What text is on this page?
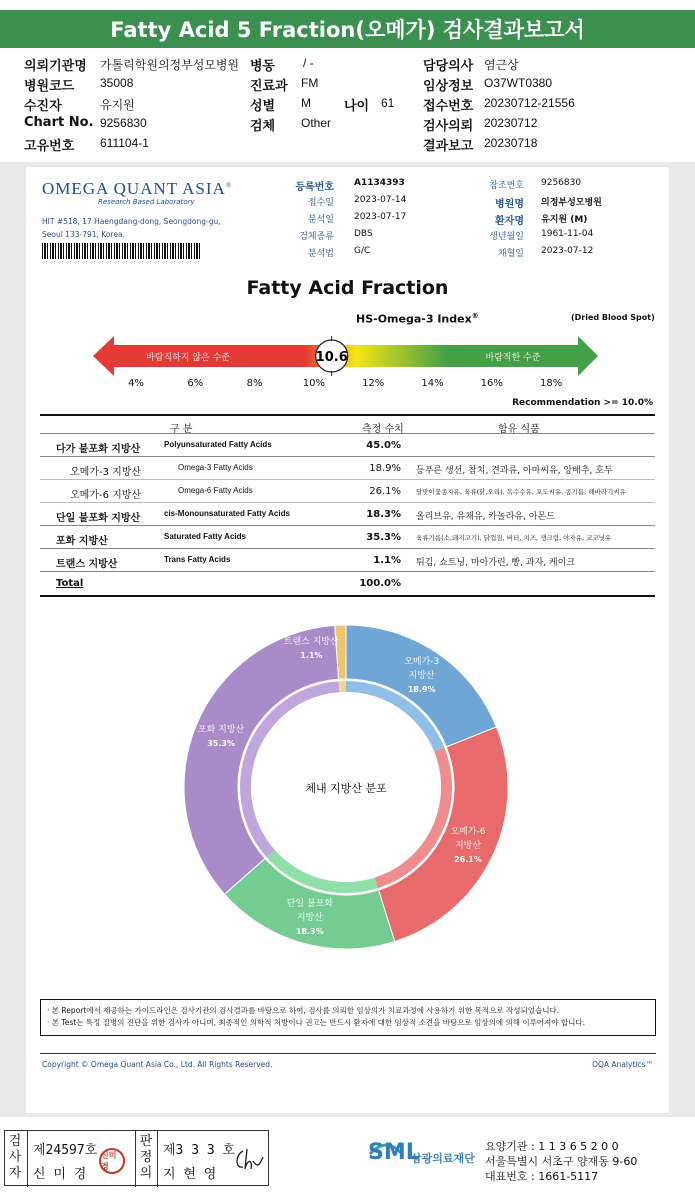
Fatty Acid 5 Fraction(오메가) 검사결과보고서
의뢰기관명 가톨릭학원의정부성모병원 병동 / -	담당의사 염근상
병원코드 35008	진료과 FM	임상정보 O37WT0380
수진자	유지원	성별 M	나이 61 접수번호 20230712-21556
Chart No. 9256830	검체 Other	검사의뢰 20230712
고유번호 611104-1	결과보고 20230718
OMEGA QUANT ASIA®
Research Based Laboratory
HIT #518, 17 Haengdang-dong, Seongdong-gu, Seoul 133-791, Korea.
등록번호 A1134393	참조번호 9256830
접수일 2023-07-14	병원명 의정부성모병원
분석일 2023-07-17	환자명 유지원 (M)
검체종류 DBS	생년월일 1961-11-04
분석법 G/C	채혈일 2023-07-12
Fatty Acid Fraction
HS-Omega-3 Index®	(Dried Blood Spot)
바람직하지 않은 수준	바람직한 수준
10.6
4%	6%	8%	10%	12%	14%	16%	18%
Recommendation >= 10.0%
구 분	측정 수치	함유 식품
다가 불포화 지방산	Polyunsaturated Fatty Acids	45.0%
오메가-3 지방산	Omega-3 Fatty Acids	18.9% 등푸른 생선, 참치, 견과류, 아마씨유, 앙배추, 호두
오메가-6 지방산	Omega-6 Fatty Acids	26.1% 달맞이꽃종자유, 육류(닭,오리), 옥수수유, 포도씨유, 콩기름, 해바라기씨유
단일 불포화 지방산	cis-Monounsaturated Fatty Acids	18.3% 올리브유, 유채유, 카놀라유, 아몬드
포화 지방산	Saturated Fatty Acids	35.3% 육류기름(소,돼지고기), 닭껍질, 버터, 치즈, 생크림, 야자유, 코코넛유
트랜스 지방산	Trans Fatty Acids	1.1% 튀김, 쇼트닝, 마아가린, 빵, 과자, 케이크
Total	100.0%
체내 지방산 분포
오메가-3
지방산
18.9%
오메가-6
지방산
26.1%
단일 불포화
지방산
18.3%
포화 지방산
35.3%
트랜스 지방산
1.1%
· 본 Report에서 제공하는 가이드라인은 검사기관의 검사결과를 바탕으로 하여, 검사를 의뢰한 임상의가 치료과정에 사용하기 위한 목적으로 작성되었습니다.
· 본 Test는 특정 질병의 진단을 위한 검사가 아니며, 최종적인 의학적 처방이나 권고는 반드시 환자에 대한 임상적 소견을 바탕으로 임상의에 의해 이루어져야 합니다.
Copyright © Omega Quant Asia Co., Ltd. All Rights Reserved.	OQA Analytics™
검사자
제24597호
신 미 경
신미경
판정의
제3 3 3 호
지 현 영
SML
삼광의료재단
요양기관 : 1 1 3 6 5 2 0 0
서울특별시 서초구 양재동 9-60
대표번호 : 1661-5117
